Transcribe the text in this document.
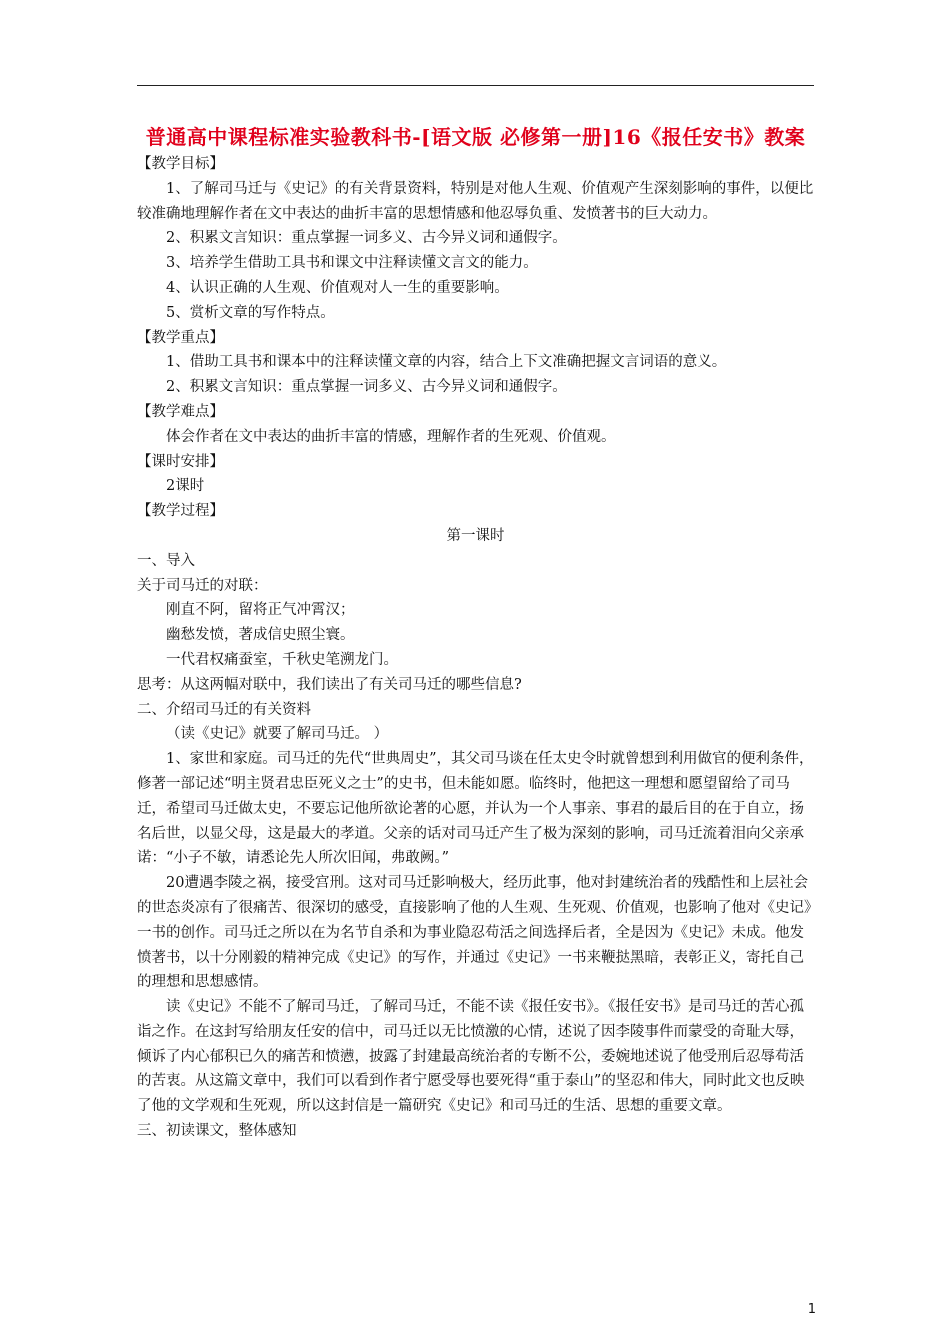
普通高中课程标准实验教科书-[语文版 必修第一册]16《报任安书》教案

【教学目标】

1、了解司马迁与《史记》的有关背景资料，特别是对他人生观、价值观产生深刻影响的事件，以便比较准确地理解作者在文中表达的曲折丰富的思想情感和他忍辱负重、发愤著书的巨大动力。

2、积累文言知识：重点掌握一词多义、古今异义词和通假字。

3、培养学生借助工具书和课文中注释读懂文言文的能力。

4、认识正确的人生观、价值观对人一生的重要影响。

5、赏析文章的写作特点。

【教学重点】

1、借助工具书和课本中的注释读懂文章的内容，结合上下文准确把握文言词语的意义。

2、积累文言知识：重点掌握一词多义、古今异义词和通假字。

【教学难点】

体会作者在文中表达的曲折丰富的情感，理解作者的生死观、价值观。

【课时安排】

2课时

【教学过程】

第一课时

一、导入

关于司马迁的对联：

刚直不阿，留将正气冲霄汉；

幽愁发愤，著成信史照尘寰。

一代君权痛蚕室，千秋史笔溯龙门。

思考：从这两幅对联中，我们读出了有关司马迁的哪些信息?

二、介绍司马迁的有关资料

（读《史记》就要了解司马迁。 ）

1、家世和家庭。司马迁的先代“世典周史”，其父司马谈在任太史令时就曾想到利用做官的便利条件，修著一部记述“明主贤君忠臣死义之士”的史书，但未能如愿。临终时，他把这一理想和愿望留给了司马迁，希望司马迁做太史，不要忘记他所欲论著的心愿，并认为一个人事亲、事君的最后目的在于自立，扬名后世，以显父母，这是最大的孝道。父亲的话对司马迁产生了极为深刻的影响，司马迁流着泪向父亲承诺：“小子不敏，请悉论先人所次旧闻，弗敢阙。”

20遭遇李陵之祸，接受宫刑。这对司马迁影响极大，经历此事，他对封建统治者的残酷性和上层社会的世态炎凉有了很痛苦、很深切的感受，直接影响了他的人生观、生死观、价值观，也影响了他对《史记》一书的创作。司马迁之所以在为名节自杀和为事业隐忍苟活之间选择后者，全是因为《史记》未成。他发愤著书，以十分刚毅的精神完成《史记》的写作，并通过《史记》一书来鞭挞黑暗，表彰正义，寄托自己的理想和思想感情。

读《史记》不能不了解司马迁，了解司马迁，不能不读《报任安书》。《报任安书》是司马迁的苦心孤诣之作。在这封写给朋友任安的信中，司马迁以无比愤激的心情，述说了因李陵事件而蒙受的奇耻大辱，倾诉了内心郁积已久的痛苦和愤懑，披露了封建最高统治者的专断不公，委婉地述说了他受刑后忍辱苟活的苦衷。从这篇文章中，我们可以看到作者宁愿受辱也要死得“重于泰山”的坚忍和伟大，同时此文也反映了他的文学观和生死观，所以这封信是一篇研究《史记》和司马迁的生活、思想的重要文章。

三、初读课文，整体感知

1
